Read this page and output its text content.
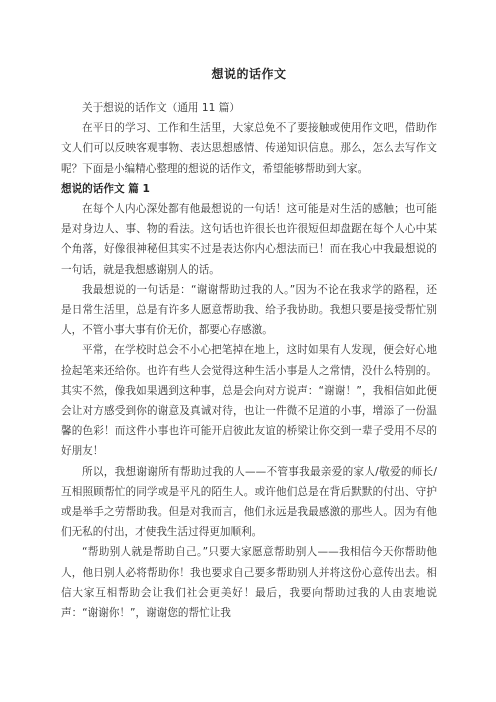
想说的话作文

关于想说的话作文（通用 11 篇）

在平日的学习、工作和生活里，大家总免不了要接触或使用作文吧，借助作文人们可以反映客观事物、表达思想感情、传递知识信息。那么，怎么去写作文呢？下面是小编精心整理的想说的话作文，希望能够帮助到大家。

想说的话作文 篇 1

在每个人内心深处都有他最想说的一句话！这可能是对生活的感触；也可能是对身边人、事、物的看法。这句话也许很长也许很短但却盘踞在每个人心中某个角落，好像很神秘但其实不过是表达你内心想法而已！而在我心中我最想说的一句话，就是我想感谢别人的话。

我最想说的一句话是：“谢谢帮助过我的人。”因为不论在我求学的路程，还是日常生活里，总是有许多人愿意帮助我、给予我协助。我想只要是接受帮忙别人，不管小事大事有价无价，都要心存感激。

平常，在学校时总会不小心把笔掉在地上，这时如果有人发现，便会好心地捡起笔来还给你。也许有些人会觉得这种生活小事是人之常情，没什么特别的。其实不然，像我如果遇到这种事，总是会向对方说声：“谢谢！”，我相信如此便会让对方感受到你的谢意及真诚对待，也让一件微不足道的小事，增添了一份温馨的色彩！而这件小事也许可能开启彼此友谊的桥梁让你交到一辈子受用不尽的好朋友！

所以，我想谢谢所有帮助过我的人——不管事我最亲爱的家人/敬爱的师长/互相照顾帮忙的同学或是平凡的陌生人。或许他们总是在背后默默的付出、守护或是举手之劳帮助我。但是对我而言，他们永远是我最感激的那些人。因为有他们无私的付出，才使我生活过得更加顺利。

“帮助别人就是帮助自己。”只要大家愿意帮助别人——我相信今天你帮助他人，他日别人必将帮助你！我也要求自己要多帮助别人并将这份心意传出去。相信大家互相帮助会让我们社会更美好！最后，我要向帮助过我的人由衷地说声：“谢谢你！”，谢谢您的帮忙让我
